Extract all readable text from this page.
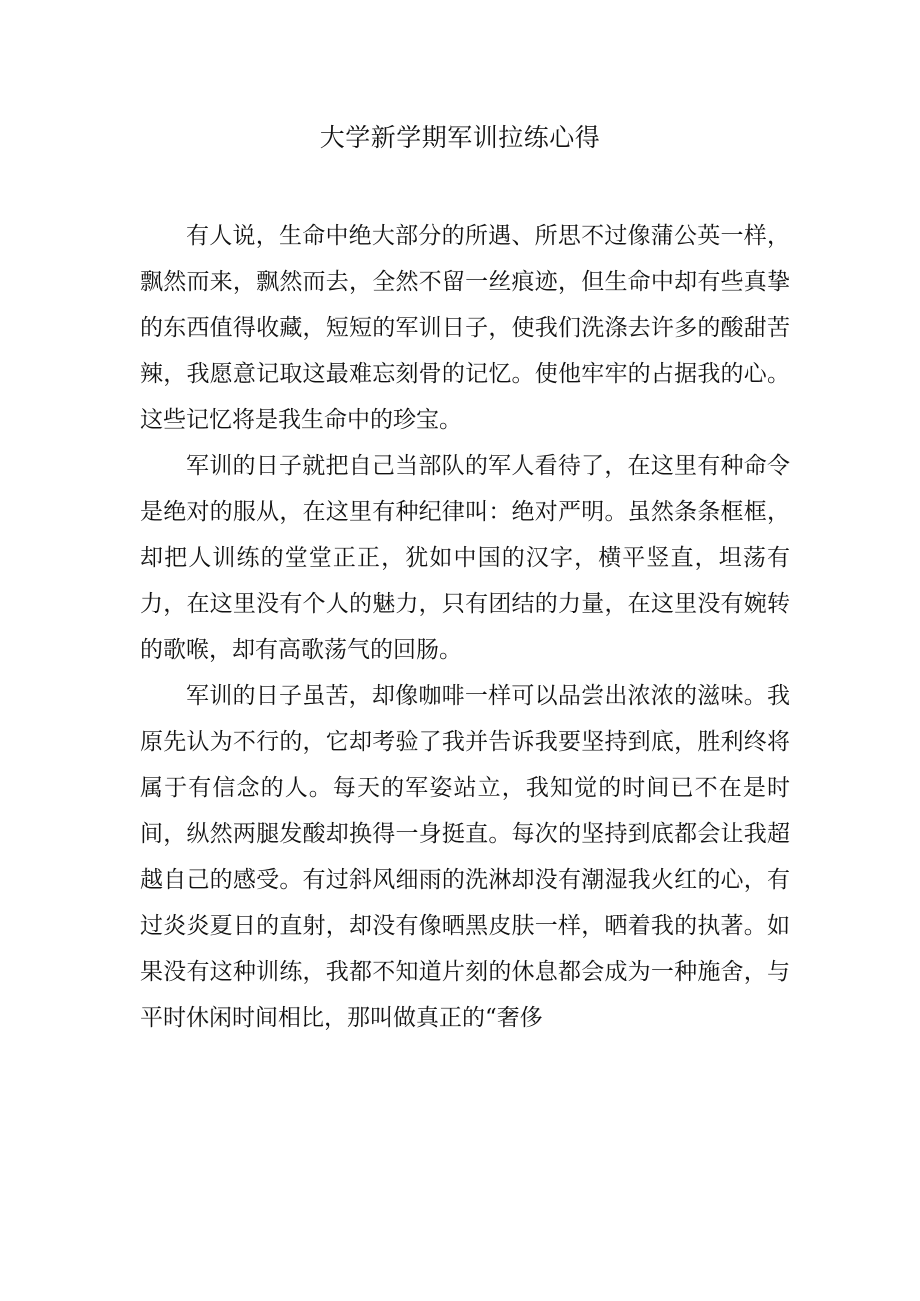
大学新学期军训拉练心得

有人说，生命中绝大部分的所遇、所思不过像蒲公英一样，飘然而来，飘然而去，全然不留一丝痕迹，但生命中却有些真挚的东西值得收藏，短短的军训日子，使我们洗涤去许多的酸甜苦辣，我愿意记取这最难忘刻骨的记忆。使他牢牢的占据我的心。这些记忆将是我生命中的珍宝。

军训的日子就把自己当部队的军人看待了，在这里有种命令是绝对的服从，在这里有种纪律叫：绝对严明。虽然条条框框，却把人训练的堂堂正正，犹如中国的汉字，横平竖直，坦荡有力，在这里没有个人的魅力，只有团结的力量，在这里没有婉转的歌喉，却有高歌荡气的回肠。

军训的日子虽苦，却像咖啡一样可以品尝出浓浓的滋味。我原先认为不行的，它却考验了我并告诉我要坚持到底，胜利终将属于有信念的人。每天的军姿站立，我知觉的时间已不在是时间，纵然两腿发酸却换得一身挺直。每次的坚持到底都会让我超越自己的感受。有过斜风细雨的洗淋却没有潮湿我火红的心，有过炎炎夏日的直射，却没有像晒黑皮肤一样，晒着我的执著。如果没有这种训练，我都不知道片刻的休息都会成为一种施舍，与平时休闲时间相比，那叫做真正的“奢侈
